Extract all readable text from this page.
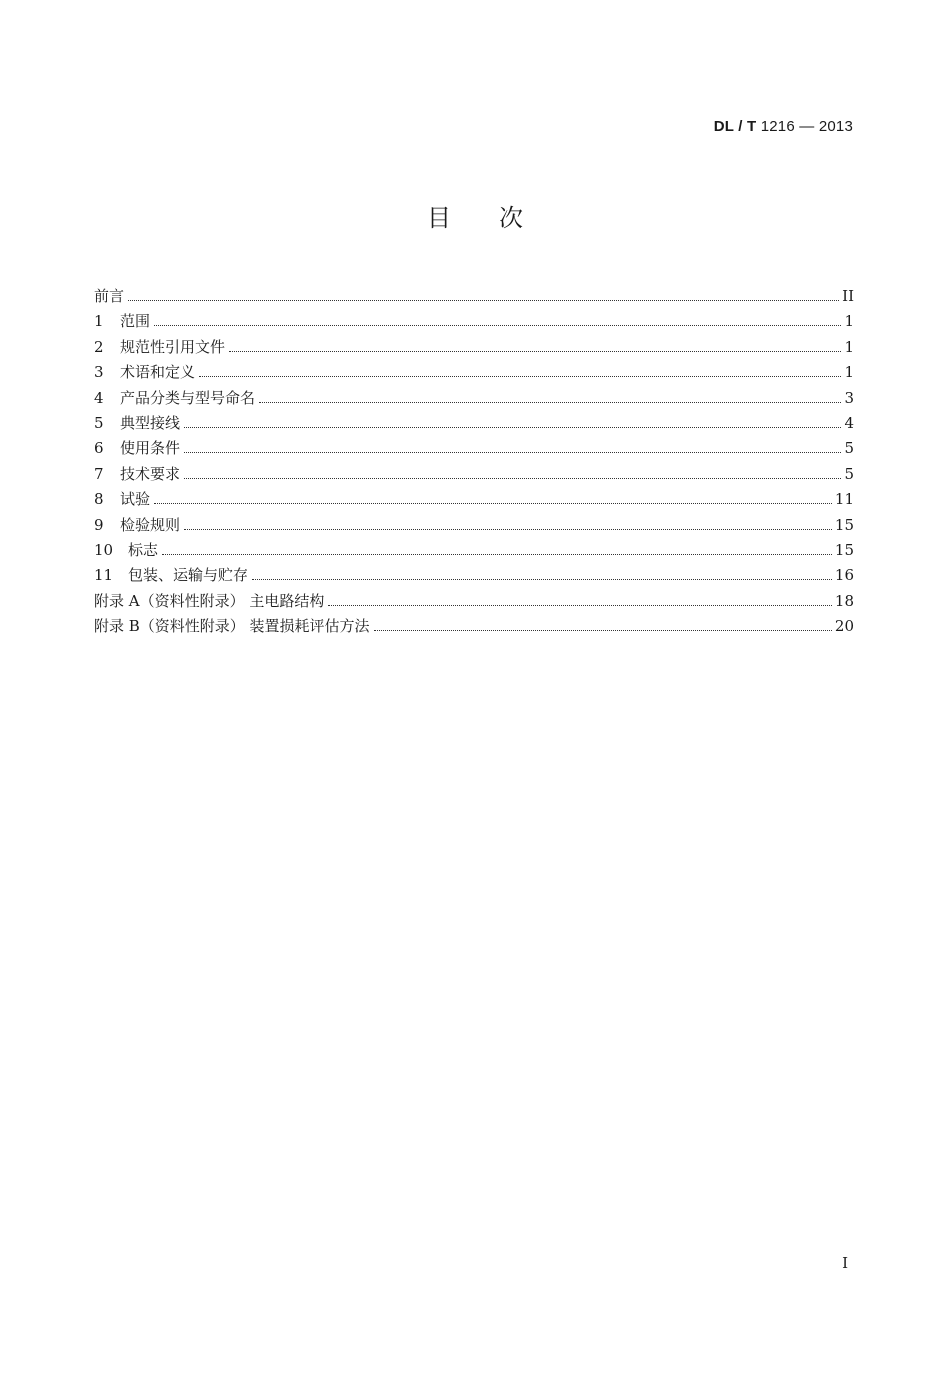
DL / T 1216 — 2013
目次
前言	II
1	范围	1
2	规范性引用文件	1
3	术语和定义	1
4	产品分类与型号命名	3
5	典型接线	4
6	使用条件	5
7	技术要求	5
8	试验	11
9	检验规则	15
10 标志	15
11 包装、运输与贮存	16
附录 A（资料性附录） 主电路结构	18
附录 B（资料性附录） 装置损耗评估方法	20
I
